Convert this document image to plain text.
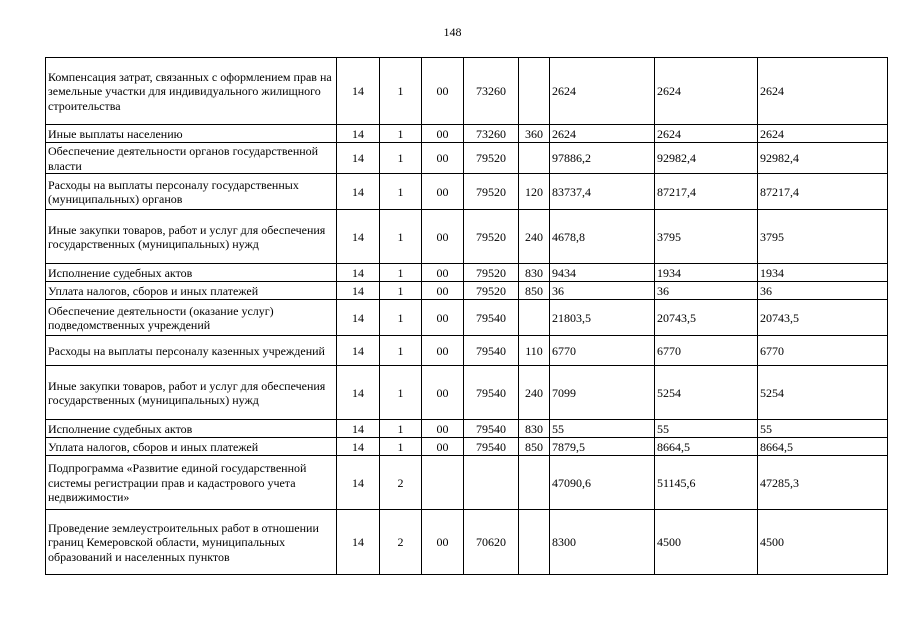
148
Компенсация затрат, связанных с оформлением прав на земельные участки для индивидуального жилищного строительства	14	1	00	73260		2624	2624	2624
Иные выплаты населению	14	1	00	73260	360	2624	2624	2624
Обеспечение деятельности органов государственной власти	14	1	00	79520		97886,2	92982,4	92982,4
Расходы на выплаты персоналу государственных (муниципальных) органов	14	1	00	79520	120	83737,4	87217,4	87217,4
Иные закупки товаров, работ и услуг для обеспечения государственных (муниципальных) нужд	14	1	00	79520	240	4678,8	3795	3795
Исполнение судебных актов	14	1	00	79520	830	9434	1934	1934
Уплата налогов, сборов и иных платежей	14	1	00	79520	850	36	36	36
Обеспечение деятельности (оказание услуг) подведомственных учреждений	14	1	00	79540		21803,5	20743,5	20743,5
Расходы на выплаты персоналу казенных учреждений	14	1	00	79540	110	6770	6770	6770
Иные закупки товаров, работ и услуг для обеспечения государственных (муниципальных) нужд	14	1	00	79540	240	7099	5254	5254
Исполнение судебных актов	14	1	00	79540	830	55	55	55
Уплата налогов, сборов и иных платежей	14	1	00	79540	850	7879,5	8664,5	8664,5
Подпрограмма «Развитие единой государственной системы регистрации прав и кадастрового учета недвижимости»	14	2				47090,6	51145,6	47285,3
Проведение землеустроительных работ в отношении границ Кемеровской области, муниципальных образований и населенных пунктов	14	2	00	70620		8300	4500	4500
